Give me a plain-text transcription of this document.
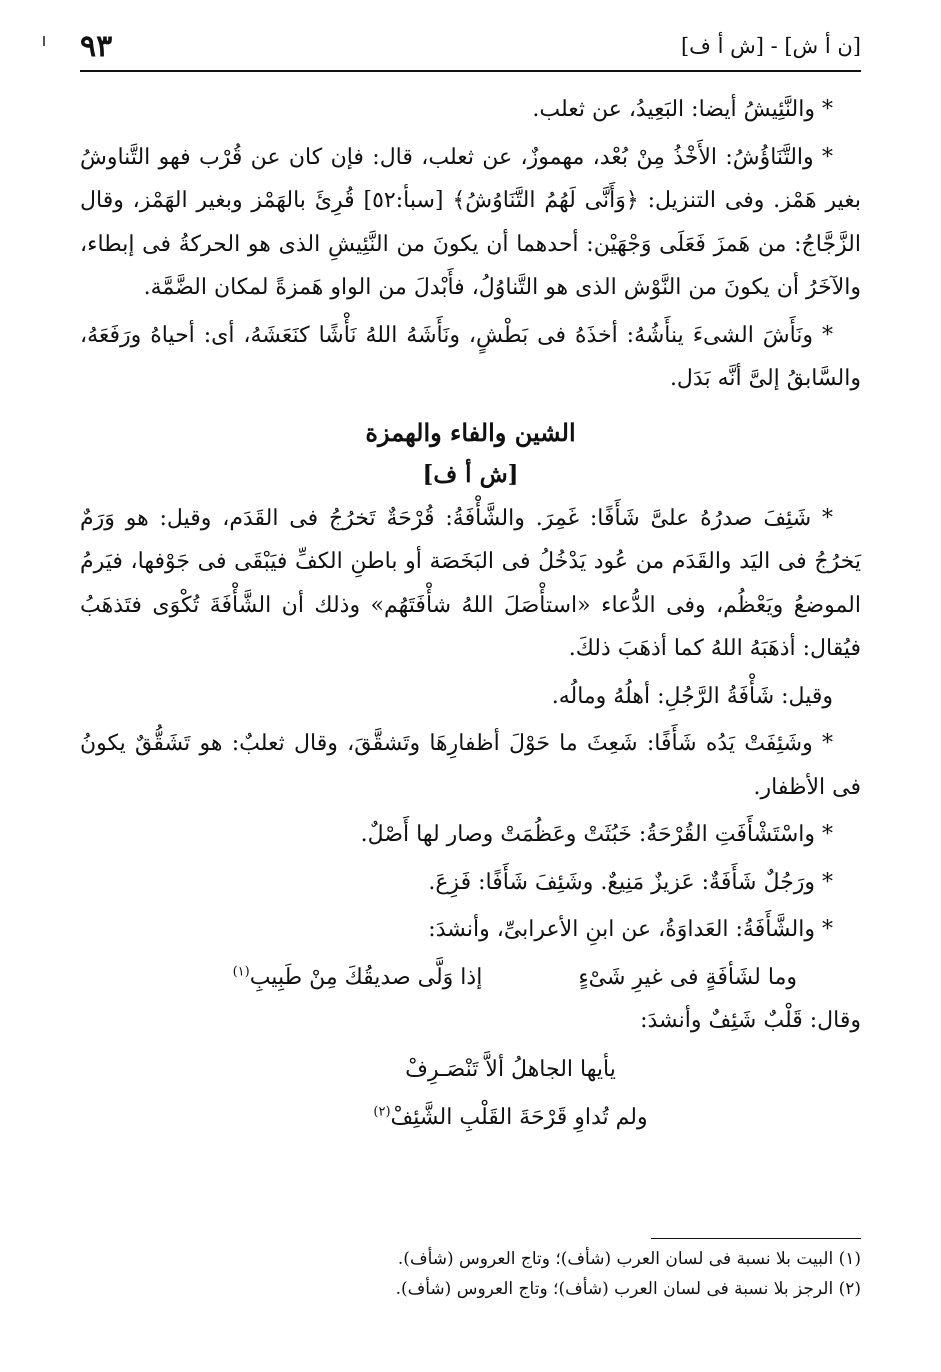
[ن أ ش] - [ش أ ف]
٩٣

* والنَّئِيشُ أيضا: البَعِيدُ، عن ثعلب.

* والتَّنَاؤُشُ: الأَخْذُ مِنْ بُعْد، مهموزٌ، عن ثعلب، قال: فإن كان عن قُرْب فهو التَّناوشُ بغير هَمْز. وفى التنزيل: ﴿وَأَنَّى لَهُمُ التَّنَاوُشُ﴾ [سبأ:٥٢] قُرِئَ بالهَمْز وبغير الهَمْز، وقال الزَّجَّاجُ: من هَمزَ فَعَلَى وَجْهَيْن: أحدهما أن يكونَ من النَّئِيشِ الذى هو الحركةُ فى إبطاء، والآخَرُ أن يكونَ من النَّوْش الذى هو التَّناوُلُ، فأَبْدلَ من الواو هَمزةً لمكان الضَّمَّة.

* ونَأَشَ الشىءَ ينأَشُهُ: أخذَهُ فى بَطْشٍ، ونَأَشَهُ اللهُ نَأْشًا كنَعَشَهُ، أى: أحياهُ ورَفَعَهُ، والسَّابقُ إلىَّ أنَّه بَدَل.

الشين والفاء والهمزة
[ش أ ف]

* شَئِفَ صدرُهُ علىَّ شَأَفًا: غَمِرَ. والشَّأْفَةُ: قُرْحَةٌ تَخرُجُ فى القَدَم، وقيل: هو وَرَمٌ يَخرُجُ فى اليَد والقَدَم من عُود يَدْخُلُ فى البَخَصَة أو باطنِ الكفِّ فيَبْقَى فى جَوْفها، فيَرمُ الموضعُ ويَعْظُم، وفى الدُّعاء «استأْصَلَ اللهُ شأْفَتَهُم» وذلك أن الشَّأْفَةَ تُكْوَى فتَذهَبُ فيُقال: أذهَبَهُ اللهُ كما أذهَبَ ذلكَ.

وقيل: شَأْفَةُ الرَّجُلِ: أهلُهُ ومالُه.

* وشَئِفَتْ يَدُه شَأَفًا: شَعِثَ ما حَوْلَ أظفارِهَا وتَشقَّقَ، وقال ثعلبٌ: هو تَشَقُّقٌ يكونُ فى الأظفار.

* واسْتَشْأَفَتِ القُرْحَةُ: خَبُثَتْ وعَظُمَتْ وصار لها أَصْلٌ.

* ورَجُلٌ شَأَفَةٌ: عَزيزٌ مَنِيعٌ. وشَئِفَ شَأَفًا: فَزِعَ.

* والشَّأَفَةُ: العَداوَةُ، عن ابنِ الأعرابىِّ، وأنشدَ:

وما لشَأفَةٍ فى غيرِ شَىْءٍ
إذا وَلَّى صديقُكَ مِنْ طَبِيبِ$^{(١)}$

وقال: قَلْبٌ شَئِفٌ وأنشدَ:

يأيها الجاهلُ ألاَّ تَنْصَـرِفْ
ولم تُداوِ قَرْحَةَ القَلْبِ الشَّئِفْ$^{(٢)}$

(١) البيت بلا نسبة فى لسان العرب (شأف)؛ وتاج العروس (شأف).

(٢) الرجز بلا نسبة فى لسان العرب (شأف)؛ وتاج العروس (شأف).
